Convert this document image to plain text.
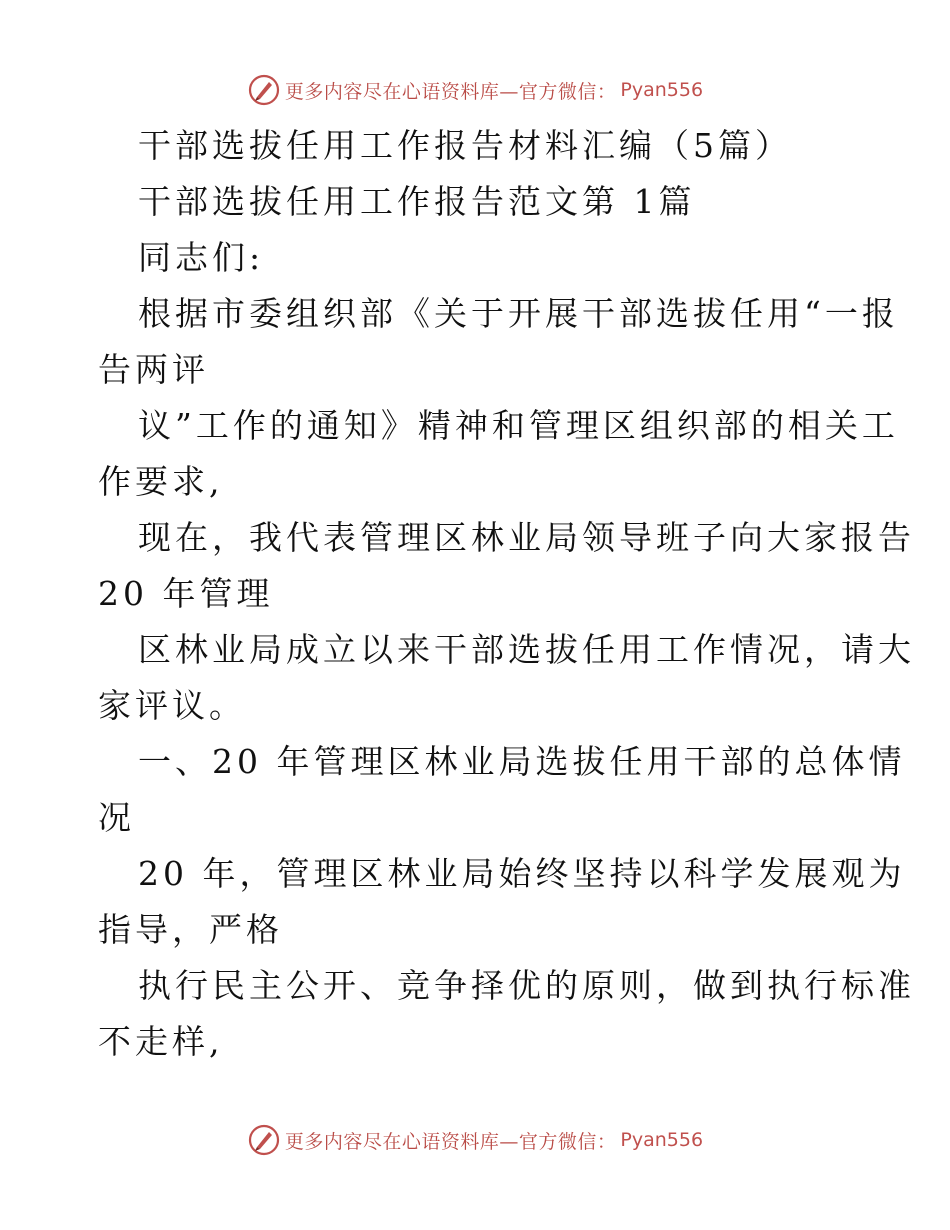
更多内容尽在心语资料库—官方微信： Pyan556
干部选拔任用工作报告材料汇编（5篇）
干部选拔任用工作报告范文第 1篇
同志们:
根据市委组织部《关于开展干部选拔任用“一报
告两评
议”工作的通知》精神和管理区组织部的相关工
作要求,
现在，我代表管理区林业局领导班子向大家报告
20 年管理
区林业局成立以来干部选拔任用工作情况，请大
家评议。
一、20 年管理区林业局选拔任用干部的总体情
况
20 年，管理区林业局始终坚持以科学发展观为
指导，严格
执行民主公开、竞争择优的原则，做到执行标准
不走样,
更多内容尽在心语资料库—官方微信： Pyan556
